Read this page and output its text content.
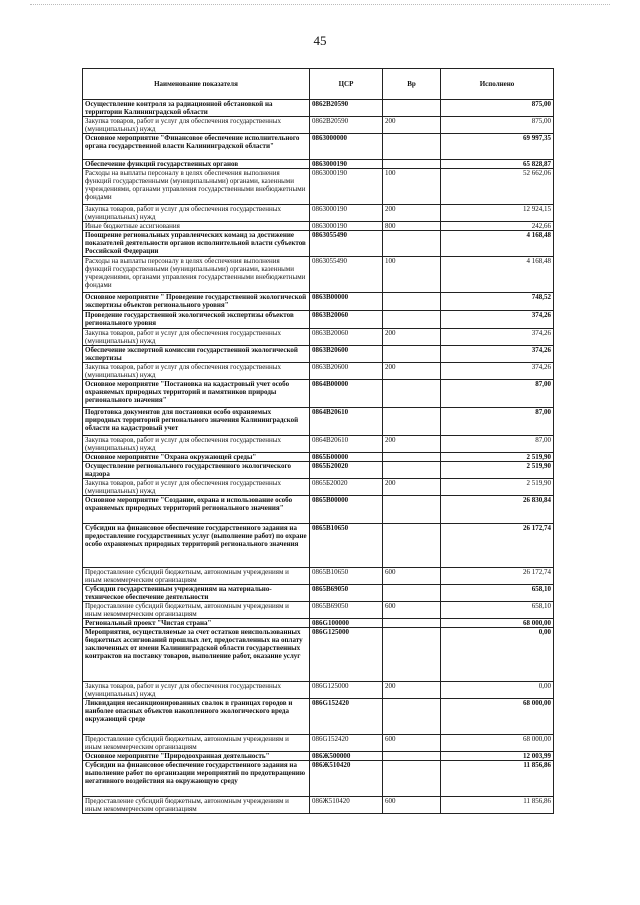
45
Наименование показателя	ЦСР	Вр	Исполнено
Осуществление контроля за радиационной обстановкой на территории Калининградской области	0862В20590		875,00
Закупка товаров, работ и услуг для обеспечения государственных (муниципальных) нужд	0862В20590	200	875,00
Основное мероприятие "Финансовое обеспечение исполнительного органа государственной власти Калининградской области"	0863000000		69 997,35
Обеспечение функций государственных органов	0863000190		65 828,87
Расходы на выплаты персоналу в целях обеспечения выполнения функций государственными (муниципальными) органами, казенными учреждениями, органами управления государственными внебюджетными фондами	0863000190	100	52 662,06
Закупка товаров, работ и услуг для обеспечения государственных (муниципальных) нужд	0863000190	200	12 924,15
Иные бюджетные ассигнования	0863000190	800	242,66
Поощрение региональных управленческих команд за достижение показателей деятельности органов исполнительной власти субъектов Российской Федерации	0863055490		4 168,48
Расходы на выплаты персоналу в целях обеспечения выполнения функций государственными (муниципальными) органами, казенными учреждениями, органами управления государственными внебюджетными фондами	0863055490	100	4 168,48
Основное мероприятие " Проведение государственной экологической экспертизы объектов регионального уровня"	0863В00000		748,52
Проведение государственной экологической экспертизы объектов регионального уровня	0863В20060		374,26
Закупка товаров, работ и услуг для обеспечения государственных (муниципальных) нужд	0863В20060	200	374,26
Обеспечение экспертной комиссии государственной экологической экспертизы	0863В20600		374,26
Закупка товаров, работ и услуг для обеспечения государственных (муниципальных) нужд	0863В20600	200	374,26
Основное мероприятие "Постановка на кадастровый учет особо охраняемых природных территорий и памятников природы регионального значения"	0864В00000		87,00
Подготовка документов для постановки особо охраняемых природных территорий регионального значения Калининградской области на кадастровый учет	0864В20610		87,00
Закупка товаров, работ и услуг для обеспечения государственных (муниципальных) нужд	0864В20610	200	87,00
Основное мероприятие "Охрана окружающей среды"	0865Б00000		2 519,90
Осуществление регионального государственного экологического надзора	0865Б20020		2 519,90
Закупка товаров, работ и услуг для обеспечения государственных (муниципальных) нужд	0865Б20020	200	2 519,90
Основное мероприятие "Создание, охрана и использование особо охраняемых природных территорий регионального значения"	0865В00000		26 830,84
Субсидии на финансовое обеспечение государственного задания на предоставление государственных услуг (выполнение работ) по охране особо охраняемых природных территорий регионального значения	0865В10650		26 172,74
Предоставление субсидий бюджетным, автономным учреждениям и иным некоммерческим организациям	0865В10650	600	26 172,74
Субсидии государственным учреждениям на материально-техническое обеспечение деятельности	0865В69050		658,10
Предоставление субсидий бюджетным, автономным учреждениям и иным некоммерческим организациям	0865В69050	600	658,10
Региональный проект "Чистая страна"	086G100000		68 000,00
Мероприятия, осуществляемые за счет остатков неиспользованных бюджетных ассигнований прошлых лет, предоставленных на оплату заключенных от имени Калининградской области государственных контрактов на поставку товаров, выполнение работ, оказание услуг	086G125000		0,00
Закупка товаров, работ и услуг для обеспечения государственных (муниципальных) нужд	086G125000	200	0,00
Ликвидация несанкционированных свалок в границах городов и наиболее опасных объектов накопленного экологического вреда окружающей среде	086G152420		68 000,00
Предоставление субсидий бюджетным, автономным учреждениям и иным некоммерческим организациям	086G152420	600	68 000,00
Основное мероприятие "Природоохранная деятельность"	086Ж500000		12 003,99
Субсидии на финансовое обеспечение государственного задания на выполнение работ по организации мероприятий по предотвращению негативного воздействия на окружающую среду	086Ж510420		11 856,86
Предоставление субсидий бюджетным, автономным учреждениям и иным некоммерческим организациям	086Ж510420	600	11 856,86
